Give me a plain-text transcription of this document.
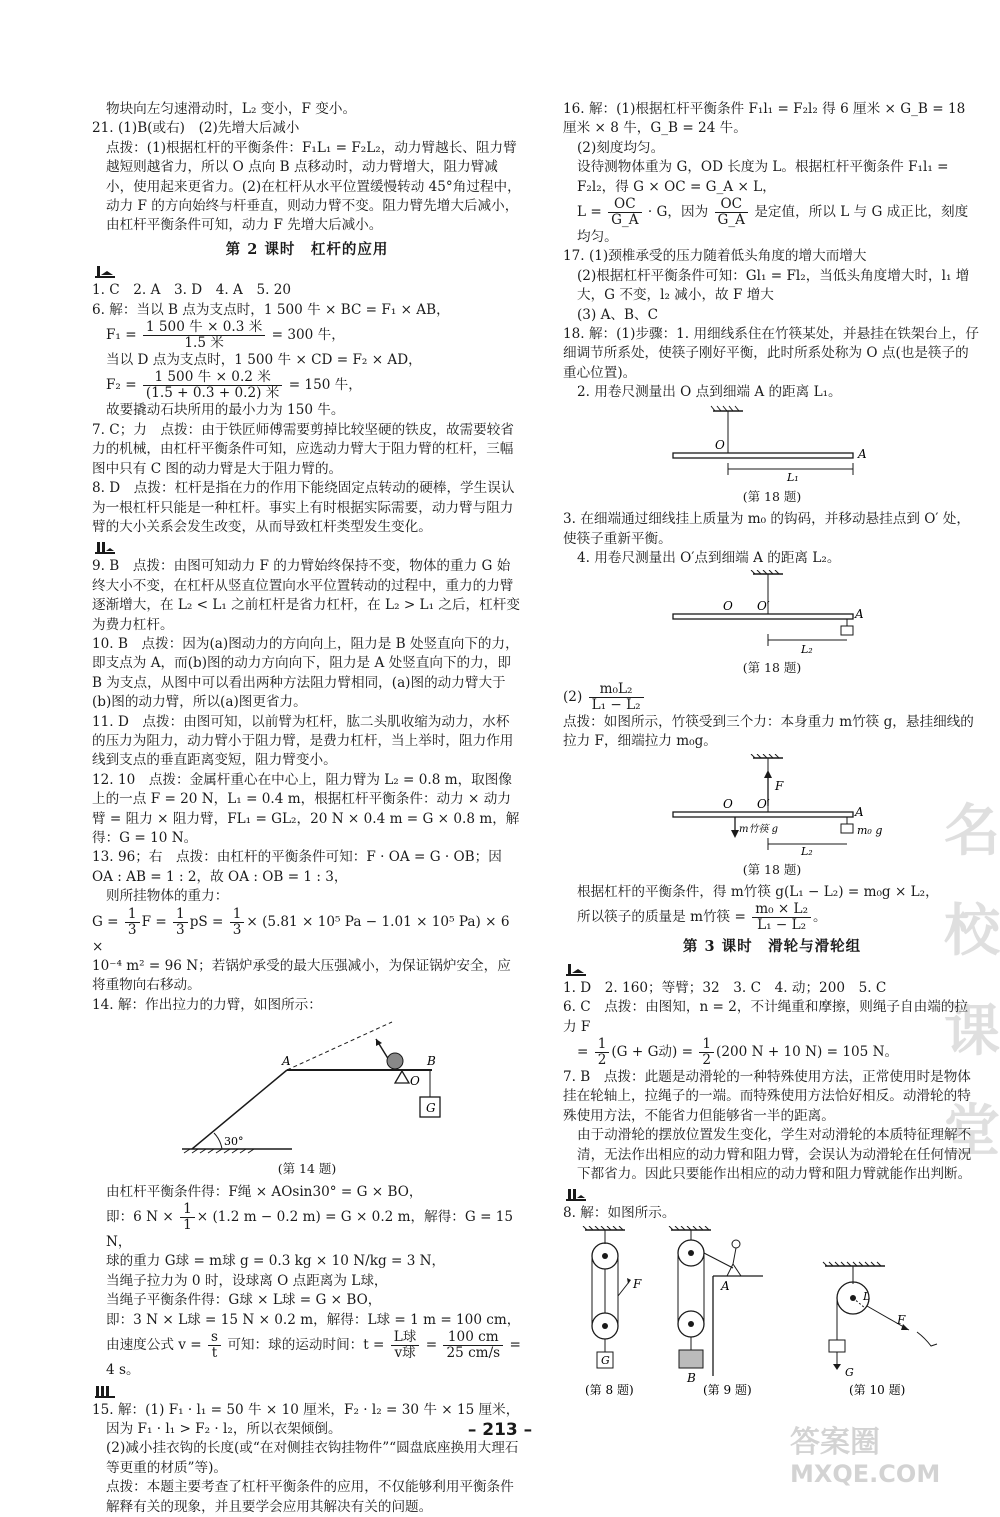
物块向左匀速滑动时，L₂ 变小，F 变小。

21. (1)B(或右)　(2)先增大后减小

点拨：(1)根据杠杆的平衡条件：F₁L₁ = F₂L₂，动力臂越长、阻力臂越短则越省力，所以 O 点向 B 点移动时，动力臂增大，阻力臂减小，使用起来更省力。(2)在杠杆从水平位置缓慢转动 45°角过程中，动力 F 的方向始终与杆垂直，则动力臂不变。阻力臂先增大后减小，由杠杆平衡条件可知，动力 F 先增大后减小。

第 2 课时　杠杆的应用

1. C　2. A　3. D　4. A　5. 20

6. 解：当以 B 点为支点时，1 500 牛 × BC = F₁ × AB，

$F_1 = \frac{\text{1 500 牛 × 0.3 米}}{\text{1.5 米}} = 300$ 牛，

当以 D 点为支点时，1 500 牛 × CD = F₂ × AD，

$F_2 = \frac{\text{1 500 牛 × 0.2 米}}{\text{(1.5 + 0.3 + 0.2) 米}} = 150$ 牛，

故要撬动石块所用的最小力为 150 牛。

7. C；力　点拨：由于铁匠师傅需要剪掉比较坚硬的铁皮，故需要较省力的机械，由杠杆平衡条件可知，应选动力臂大于阻力臂的杠杆，三幅图中只有 C 图的动力臂是大于阻力臂的。

8. D　点拨：杠杆是指在力的作用下能绕固定点转动的硬棒，学生误认为一根杠杆只能是一种杠杆。事实上有时根据实际需要，动力臂与阻力臂的大小关系会发生改变，从而导致杠杆类型发生变化。

9. B　点拨：由图可知动力 F 的力臂始终保持不变，物体的重力 G 始终大小不变，在杠杆从竖直位置向水平位置转动的过程中，重力的力臂逐渐增大，在 L₂ < L₁ 之前杠杆是省力杠杆，在 L₂ > L₁ 之后，杠杆变为费力杠杆。

10. B　点拨：因为(a)图动力的方向向上，阻力是 B 处竖直向下的力，即支点为 A，而(b)图的动力方向向下，阻力是 A 处竖直向下的力，即 B 为支点，从图中可以看出两种方法阻力臂相同，(a)图的动力臂大于(b)图的动力臂，所以(a)图更省力。

11. D　点拨：由图可知，以前臂为杠杆，肱二头肌收缩为动力，水杯的压力为阻力，动力臂小于阻力臂，是费力杠杆，当上举时，阻力作用线到支点的垂直距离变短，阻力臂变小。

12. 10　点拨：金属杆重心在中心上，阻力臂为 L₂ = 0.8 m，取图像上的一点 F = 20 N，L₁ = 0.4 m，根据杠杆平衡条件：动力 × 动力臂 = 阻力 × 阻力臂，FL₁ = GL₂，20 N × 0.4 m = G × 0.8 m，解得：G = 10 N。

13. 96；右　点拨：由杠杆的平衡条件可知：F · OA = G · OB；因 OA : AB = 1 : 2，故 OA : OB = 1 : 3，

则所挂物体的重力：

$G = \frac{1}{3}$ $F = \frac{1}{3}$ pS = $\frac{1}{3} \times (5.81 \times 10^5$ Pa − 1.01 × 10⁵ Pa) × 6 ×

10⁻⁴ m² = 96 N；若锅炉承受的最大压强减小，为保证锅炉安全，应将重物向右移动。

14. 解：作出拉力的力臂，如图所示：

A	B
O
G
30°

(第 14 题)

由杠杆平衡条件得：F绳 × AOsin30° = G × BO，

即：6 $N \times \frac{1}{1} \times (1.2$ m − 0.2 m) = G × 0.2 m，解得：G = 15 N，

球的重力 G球 = m球 g = 0.3 kg × 10 N/kg = 3 N，

当绳子拉力为 0 时，设球离 O 点距离为 L球，

当绳子平衡条件得：G球 × L球 = G × BO，

即：3 N × L球 = 15 N × 0.2 m，解得：L球 = 1 m = 100 cm，

由速度公式 $v = \frac{s}{t}$ 可知：球的运动时间：$t = \frac{\text{L球}}{\text{v球}} = \frac{100 cm}{25 cm/s} = 4$ s。

15. 解：(1) F₁ · l₁ = 50 牛 × 10 厘米，F₂ · l₂ = 30 牛 × 15 厘米，

因为 F₁ · l₁ > F₂ · l₂，所以衣架倾倒。

(2)减小挂衣钩的长度(或“在对侧挂衣钩挂物件”“圆盘底座换用大理石等更重的材质”等)。

点拨：本题主要考查了杠杆平衡条件的应用，不仅能够利用平衡条件解释有关的现象，并且要学会应用其解决有关的问题。

16. 解：(1)根据杠杆平衡条件 F₁l₁ = F₂l₂ 得 6 厘米 × G_B = 18 厘米 × 8 牛，G_B = 24 牛。

(2)刻度均匀。

设待测物体重为 G，OD 长度为 L。根据杠杆平衡条件 F₁l₁ = F₂l₂，得 G × OC = G_A × L，

$L = \frac{OC}{G\_A} \cdot G$，因为 $\frac{OC}{G\_A}$ 是定值，所以 L 与 G 成正比，刻度均匀。

17. (1)颈椎承受的压力随着低头角度的增大而增大

(2)根据杠杆平衡条件可知：Gl₁ = Fl₂，当低头角度增大时，l₁ 增大，G 不变，l₂ 减小，故 F 增大

(3) A、B、C

18. 解：(1)步骤：1. 用细线系住在竹筷某处，并悬挂在铁架台上，仔细调节所系处，使筷子刚好平衡，此时所系处称为 O 点(也是筷子的重心位置)。

2. 用卷尺测量出 O 点到细端 A 的距离 L₁。

O
A
L₁

(第 18 题)

3. 在细端通过细线挂上质量为 m₀ 的钩码，并移动悬挂点到 O′ 处，使筷子重新平衡。

4. 用卷尺测量出 O′点到细端 A 的距离 L₂。

O O′
A
L₂

(第 18 题)

$(2) \frac{\text{m₀L₂}}{\text{L₁ − L₂}}$

点拨：如图所示，竹筷受到三个力：本身重力 m竹筷 g，悬挂细线的拉力 F，细端拉力 m₀g。

F
O O′
A
m竹筷 g	m₀ g
L₂

(第 18 题)

根据杠杆的平衡条件，得 m竹筷 g(L₁ − L₂) = m₀g × L₂，

所以筷子的质量是 m竹筷 = $\frac{\text{m₀ × L₂}}{\text{L₁ − L₂}}$ 。
第 3 课时　滑轮与滑轮组

1. D　2. 160；等臂；32　3. C　4. 动；200　5. C

6. C　点拨：由图知，n = 2，不计绳重和摩擦，则绳子自由端的拉力 F

= $\frac{1}{2} (G + G$动) = $\frac{1}{2} (200$ N + 10 N) = 105 N。

7. B　点拨：此题是动滑轮的一种特殊使用方法，正常使用时是物体挂在轮轴上，拉绳子的一端。而特殊使用方法恰好相反。动滑轮的特殊使用方法，不能省力但能够省一半的距离。

由于动滑轮的摆放位置发生变化，学生对动滑轮的本质特征理解不清，无法作出相应的动力臂和阻力臂，会误认为动滑轮在任何情况下都省力。因此只要能作出相应的动力臂和阻力臂就能作出判断。

8. 解：如图所示。

F
G
(第 8 题)
A
B
(第 9 题)
L
F
G
(第 10 题)
– 213 –
名
校
课
堂
答案圈
MXQE.COM
